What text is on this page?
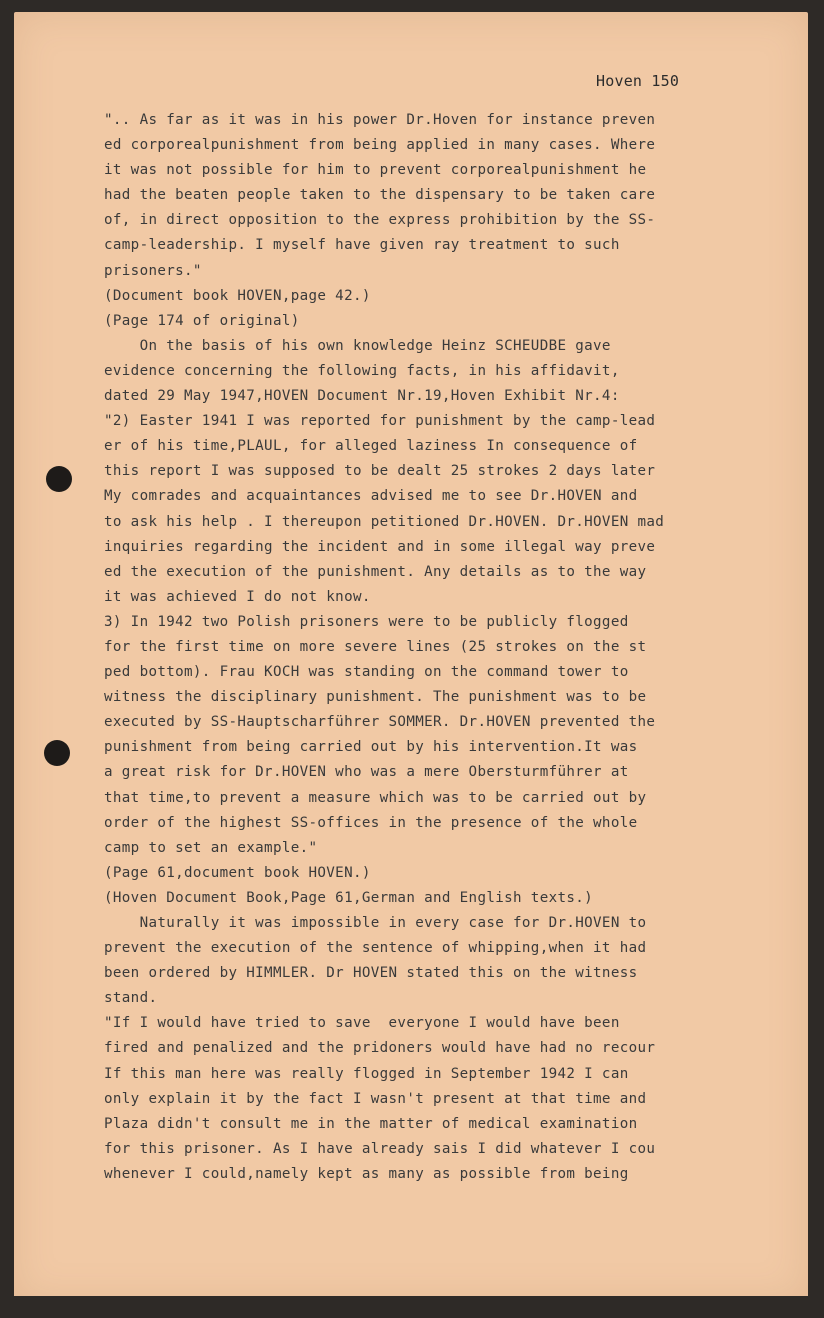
Hoven 150
".. As far as it was in his power Dr.Hoven for instance preven
ed corporealpunishment from being applied in many cases. Where
it was not possible for him to prevent corporealpunishment he
had the beaten people taken to the dispensary to be taken care
of, in direct opposition to the express prohibition by the SS-
camp-leadership. I myself have given ray treatment to such
prisoners."
(Document book HOVEN,page 42.)
(Page 174 of original)
On the basis of his own knowledge Heinz SCHEUDBE gave
evidence concerning the following facts, in his affidavit,
dated 29 May 1947,HOVEN Document Nr.19,Hoven Exhibit Nr.4:
"2) Easter 1941 I was reported for punishment by the camp-lead
er of his time,PLAUL, for alleged laziness In consequence of
this report I was supposed to be dealt 25 strokes 2 days later
My comrades and acquaintances advised me to see Dr.HOVEN and
to ask his help . I thereupon petitioned Dr.HOVEN. Dr.HOVEN mad
inquiries regarding the incident and in some illegal way preve
ed the execution of the punishment. Any details as to the way
it was achieved I do not know.
3) In 1942 two Polish prisoners were to be publicly flogged
for the first time on more severe lines (25 strokes on the st
ped bottom). Frau KOCH was standing on the command tower to
witness the disciplinary punishment. The punishment was to be
executed by SS-Hauptscharführer SOMMER. Dr.HOVEN prevented the
punishment from being carried out by his intervention.It was
a great risk for Dr.HOVEN who was a mere Obersturmführer at
that time,to prevent a measure which was to be carried out by
order of the highest SS-offices in the presence of the whole
camp to set an example."
(Page 61,document book HOVEN.)
(Hoven Document Book,Page 61,German and English texts.)
Naturally it was impossible in every case for Dr.HOVEN to
prevent the execution of the sentence of whipping,when it had
been ordered by HIMMLER. Dr HOVEN stated this on the witness
stand.
"If I would have tried to save  everyone I would have been
fired and penalized and the pridoners would have had no recour
If this man here was really flogged in September 1942 I can
only explain it by the fact I wasn't present at that time and
Plaza didn't consult me in the matter of medical examination
for this prisoner. As I have already sais I did whatever I cou
whenever I could,namely kept as many as possible from being
